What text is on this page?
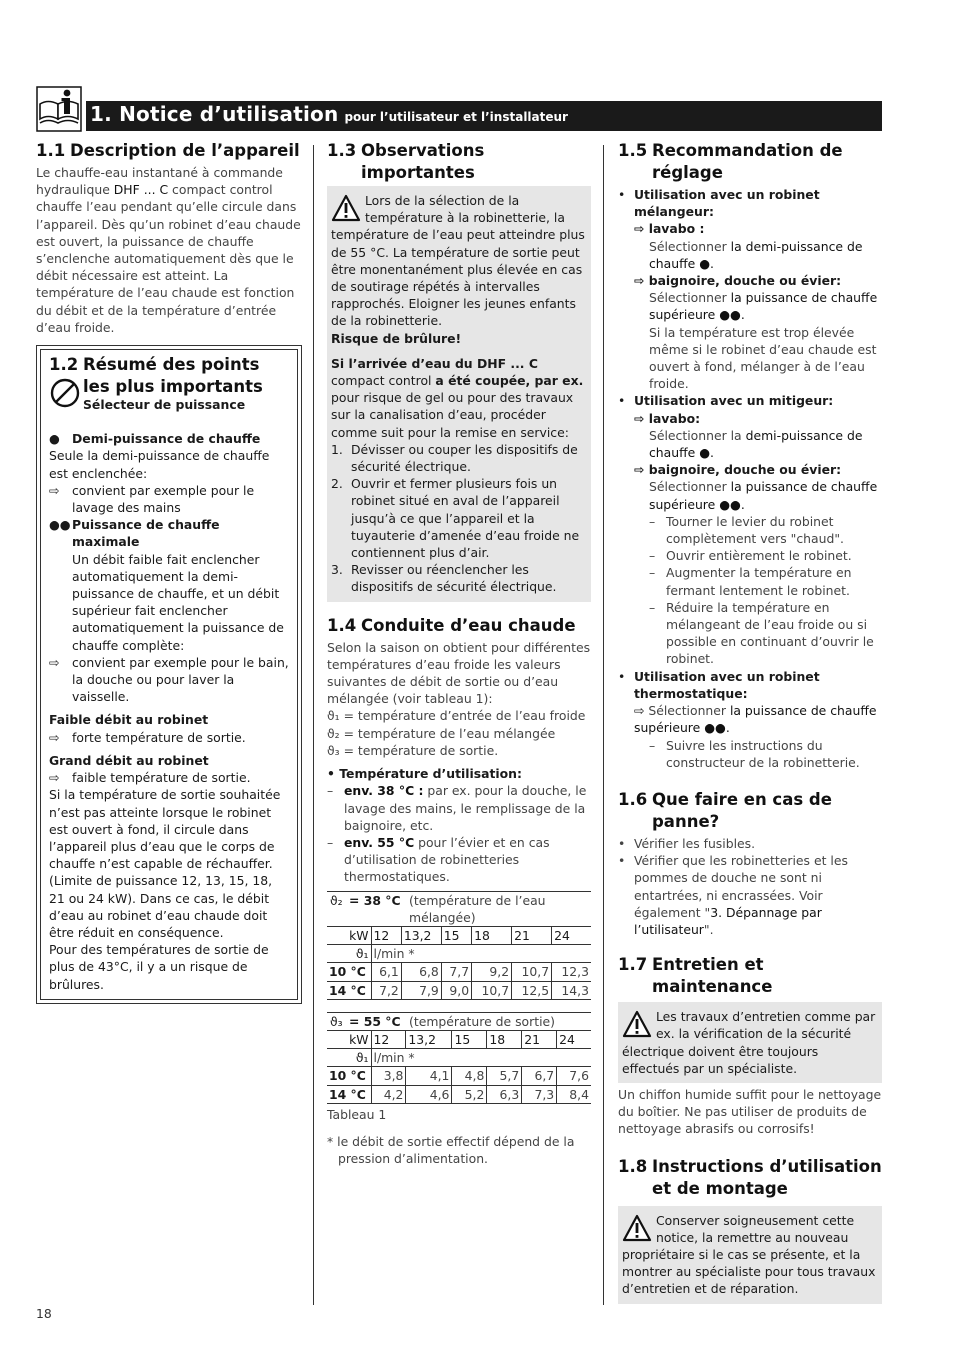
1. Notice d’utilisation pour l’utilisateur et l’installateur
1.1 Description de l’appareil

Le chauffe-eau instantané à commande hydraulique DHF ... C compact control chauffe l’eau pendant qu’elle circule dans l’appareil. Dès qu’un robinet d’eau chaude est ouvert, la puissance de chauffe s’enclenche automatiquement dès que le débit nécessaire est atteint. La température de l’eau chaude est fonction du débit et de la température d’entrée d’eau froide.

1.2 Résumé des points les plus importants
Sélecteur de puissance
● Demi-puissance de chauffe

Seule la demi-puissance de chauffe est enclenchée:

⇨	convient par exemple pour le lavage des mains
●● Puissance de chauffe maximale
Un débit faible fait enclencher automatiquement la demi-puissance de chauffe, et un débit supérieur fait enclencher automatiquement la puissance de chauffe complète:
⇨	convient par exemple pour le bain, la douche ou pour laver la vaisselle.

Faible débit au robinet

⇨	forte température de sortie.

Grand débit au robinet

⇨	faible température de sortie.

Si la température de sortie souhaitée n’est pas atteinte lorsque le robinet est ouvert à fond, il circule dans l’appareil plus d’eau que le corps de chauffe n’est capable de réchauffer. (Limite de puissance 12, 13, 15, 18, 21 ou 24 kW). Dans ce cas, le débit d’eau au robinet d’eau chaude doit être réduit en conséquence.

Pour des températures de sortie de plus de 43°C, il y a un risque de brûlures.

1.3 Observations importantes

Lors de la sélection de la température à la robinetterie, la température de l’eau peut atteindre plus de 55 °C. La température de sortie peut être monentanément plus élevée en cas de soutirage répétés à intervalles rapprochés. Eloigner les jeunes enfants de la robinetterie.

Risque de brûlure!

Si l’arrivée d’eau du DHF ... C

compact control a été coupée, par ex. pour risque de gel ou pour des travaux sur la canalisation d’eau, procéder comme suit pour la remise en service:

1. Dévisser ou couper les dispositifs de sécurité électrique.
2. Ouvrir et fermer plusieurs fois un robinet situé en aval de l’appareil jusqu’à ce que l’appareil et la tuyauterie d’amenée d’eau froide ne contiennent plus d’air.
3. Revisser ou réenclencher les dispositifs de sécurité électrique.
1.4 Conduite d’eau chaude

Selon la saison on obtient pour différentes températures d’eau froide les valeurs suivantes de débit de sortie ou d’eau mélangée (voir tableau 1):

ϑ₁ = température d’entrée de l’eau froide

ϑ₂ = température de l’eau mélangée

ϑ₃ = température de sortie.

• Température d’utilisation:

– env. 38 °C : par ex. pour la douche, le lavage des mains, le remplissage de la baignoire, etc.
– env. 55 °C pour l’évier et en cas d’utilisation de robinetteries thermostatiques.
ϑ₂ = 38 °C (température de l’eau mélangée)						

kW	12	13,2	15	18	21	24
ϑ₁	l/min *					
10 °C	6,1	6,8	7,7	9,2	10,7	12,3
14 °C	7,2	7,9	9,0	10,7	12,5	14,3
ϑ₃ = 55 °C (température de sortie)						

kW	12	13,2	15	18	21	24
ϑ₁	l/min *					
10 °C	3,8	4,1	4,8	5,7	6,7	7,6
14 °C	4,2	4,6	5,2	6,3	7,3	8,4

Tableau 1

* le débit de sortie effectif dépend de la pression d’alimentation.
1.5 Recommandation de réglage
• Utilisation avec un robinet mélangeur:

⇨ lavabo :

Sélectionner la demi-puissance de chauffe ●.

⇨ baignoire, douche ou évier:

Sélectionner la puissance de chauffe supérieure ●●.

Si la température est trop élevée même si le robinet d’eau chaude est ouvert à fond, mélanger à de l’eau froide.

• Utilisation avec un mitigeur:

⇨ lavabo:

Sélectionner la demi-puissance de chauffe ●.

⇨ baignoire, douche ou évier:

Sélectionner la puissance de chauffe supérieure ●●.

– Tourner le levier du robinet complètement vers "chaud".
– Ouvrir entièrement le robinet.
– Augmenter la température en fermant lentement le robinet.
– Réduire la température en mélangeant de l’eau froide ou si possible en continuant d’ouvrir le robinet.
• Utilisation avec un robinet thermostatique:

⇨ Sélectionner la puissance de chauffe supérieure ●●.

– Suivre les instructions du constructeur de la robinetterie.
1.6 Que faire en cas de panne?
• Vérifier les fusibles.
• Vérifier que les robinetteries et les pommes de douche ne sont ni entartrées, ni encrassées. Voir également "3. Dépannage par l’utilisateur".
1.7 Entretien et maintenance

Les travaux d’entretien comme par ex. la vérification de la sécurité électrique doivent être toujours effectués par un spécialiste.

Un chiffon humide suffit pour le nettoyage du boîtier. Ne pas utiliser de produits de nettoyage abrasifs ou corrosifs!

1.8 Instructions d’utilisation et de montage

Conserver soigneusement cette notice, la remettre au nouveau propriétaire si le cas se présente, et la montrer au spécialiste pour tous travaux d’entretien et de réparation.

18
